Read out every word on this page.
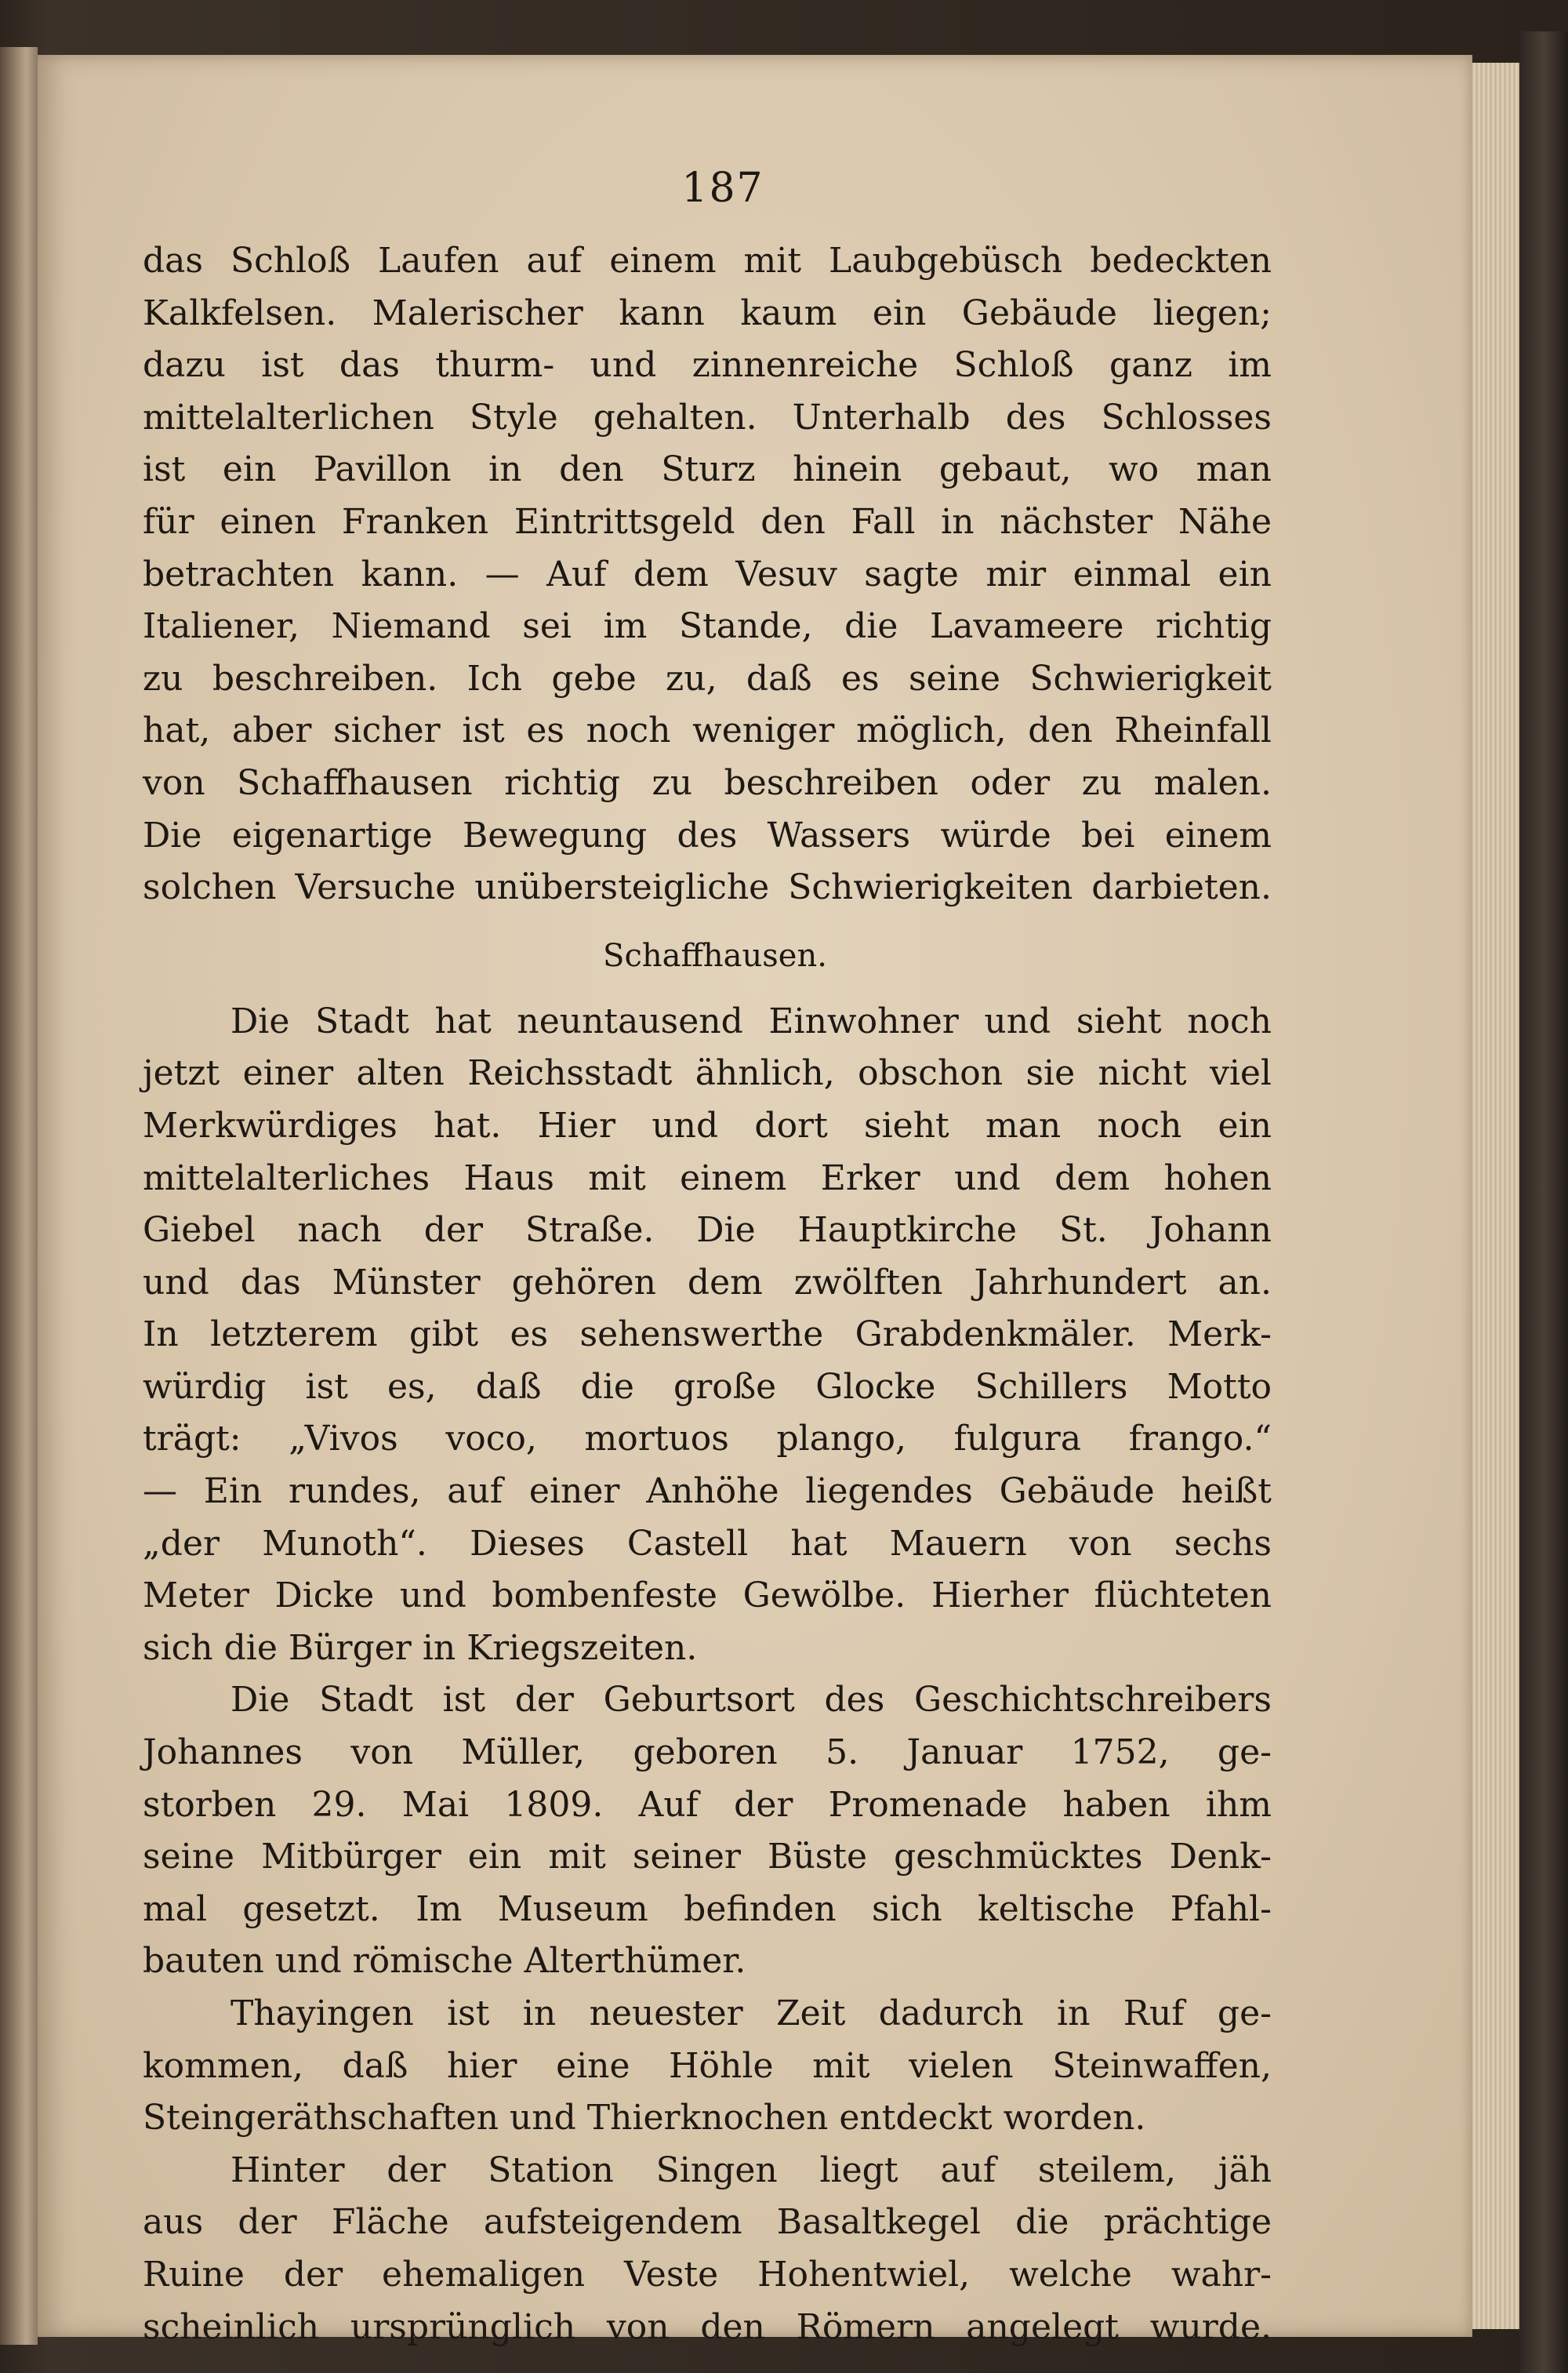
187

das Schloß Laufen auf einem mit Laubgebüsch bedeckten

Kalkfelsen. Malerischer kann kaum ein Gebäude liegen;

dazu ist das thurm- und zinnenreiche Schloß ganz im

mittelalterlichen Style gehalten. Unterhalb des Schlosses

ist ein Pavillon in den Sturz hinein gebaut, wo man

für einen Franken Eintrittsgeld den Fall in nächster Nähe

betrachten kann. — Auf dem Vesuv sagte mir einmal ein

Italiener, Niemand sei im Stande, die Lavameere richtig

zu beschreiben. Ich gebe zu, daß es seine Schwierigkeit

hat, aber sicher ist es noch weniger möglich, den Rheinfall

von Schaffhausen richtig zu beschreiben oder zu malen.

Die eigenartige Bewegung des Wassers würde bei einem

solchen Versuche unübersteigliche Schwierigkeiten darbieten.

Schaffhausen.

Die Stadt hat neuntausend Einwohner und sieht noch

jetzt einer alten Reichsstadt ähnlich, obschon sie nicht viel

Merkwürdiges hat. Hier und dort sieht man noch ein

mittelalterliches Haus mit einem Erker und dem hohen

Giebel nach der Straße. Die Hauptkirche St. Johann

und das Münster gehören dem zwölften Jahrhundert an.

In letzterem gibt es sehenswerthe Grabdenkmäler. Merk-

würdig ist es, daß die große Glocke Schillers Motto

trägt: „Vivos voco, mortuos plango, fulgura frango.“

— Ein rundes, auf einer Anhöhe liegendes Gebäude heißt

„der Munoth“. Dieses Castell hat Mauern von sechs

Meter Dicke und bombenfeste Gewölbe. Hierher flüchteten

sich die Bürger in Kriegszeiten.

Die Stadt ist der Geburtsort des Geschichtschreibers

Johannes von Müller, geboren 5. Januar 1752, ge-

storben 29. Mai 1809. Auf der Promenade haben ihm

seine Mitbürger ein mit seiner Büste geschmücktes Denk-

mal gesetzt. Im Museum befinden sich keltische Pfahl-

bauten und römische Alterthümer.

Thayingen ist in neuester Zeit dadurch in Ruf ge-

kommen, daß hier eine Höhle mit vielen Steinwaffen,

Steingeräthschaften und Thierknochen entdeckt worden.

Hinter der Station Singen liegt auf steilem, jäh

aus der Fläche aufsteigendem Basaltkegel die prächtige

Ruine der ehemaligen Veste Hohentwiel, welche wahr-

scheinlich ursprünglich von den Römern angelegt wurde.
